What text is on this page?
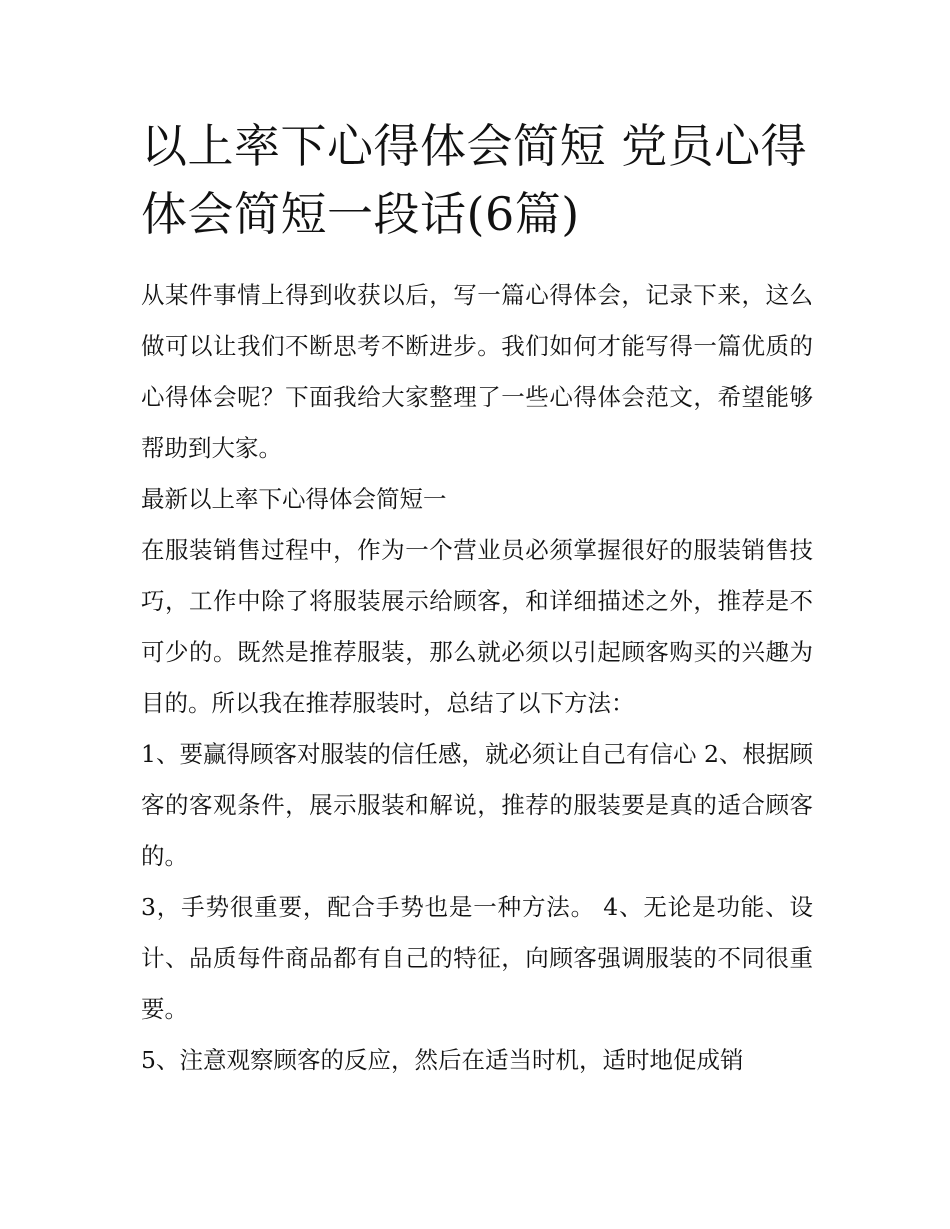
以上率下心得体会简短 党员心得体会简短一段话(6篇)

从某件事情上得到收获以后，写一篇心得体会，记录下来，这么做可以让我们不断思考不断进步。我们如何才能写得一篇优质的心得体会呢？下面我给大家整理了一些心得体会范文，希望能够帮助到大家。

最新以上率下心得体会简短一

在服装销售过程中，作为一个营业员必须掌握很好的服装销售技巧，工作中除了将服装展示给顾客，和详细描述之外，推荐是不可少的。既然是推荐服装，那么就必须以引起顾客购买的兴趣为目的。所以我在推荐服装时，总结了以下方法：

1、要赢得顾客对服装的信任感，就必须让自己有信心 2、根据顾客的客观条件，展示服装和解说，推荐的服装要是真的适合顾客的。

3，手势很重要，配合手势也是一种方法。 4、无论是功能、设计、品质每件商品都有自己的特征，向顾客强调服装的不同很重要。

5、注意观察顾客的反应，然后在适当时机，适时地促成销
